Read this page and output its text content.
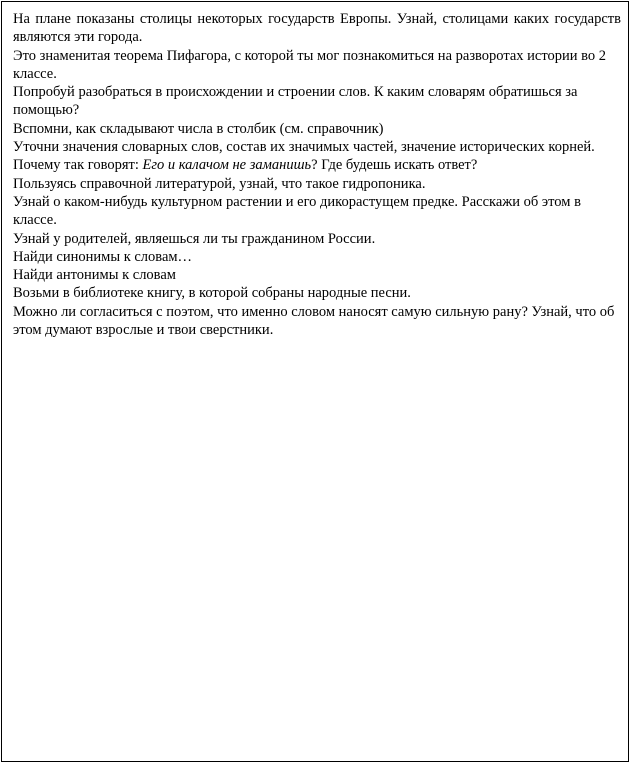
На плане показаны столицы некоторых государств Европы. Узнай, столицами каких государств являются эти города.

Это знаменитая теорема Пифагора, с которой ты мог познакомиться на разворотах истории во 2 классе.

Попробуй разобраться в происхождении и строении слов. К каким словарям обратишься за помощью?

Вспомни, как складывают числа в столбик (см. справочник)

Уточни значения словарных слов, состав их значимых частей, значение исторических корней.

Почему так говорят: Его и калачом не заманишь? Где будешь искать ответ?

Пользуясь справочной литературой, узнай, что такое гидропоника.

Узнай о каком-нибудь культурном растении и его дикорастущем предке. Расскажи об этом в классе.

Узнай у родителей, являешься ли ты гражданином России.

Найди синонимы к словам…

Найди антонимы к словам

Возьми в библиотеке книгу, в которой собраны народные песни.

Можно ли согласиться с поэтом, что именно словом наносят самую сильную рану? Узнай, что об этом думают взрослые и твои сверстники.
